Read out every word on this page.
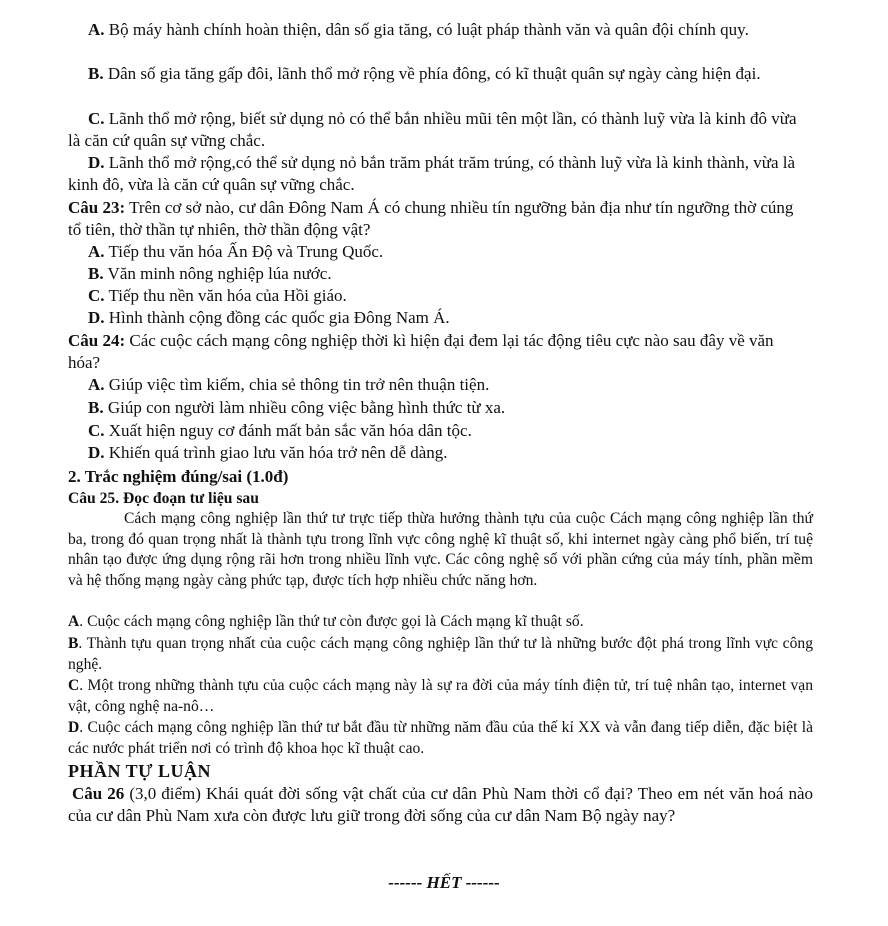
A. Bộ máy hành chính hoàn thiện, dân số gia tăng, có luật pháp thành văn và quân đội chính quy.

B. Dân số gia tăng gấp đôi, lãnh thổ mở rộng về phía đông, có kĩ thuật quân sự ngày càng hiện đại.

C. Lãnh thổ mở rộng, biết sử dụng nỏ có thể bắn nhiều mũi tên một lần, có thành luỹ vừa là kinh đô vừa là căn cứ quân sự vững chắc.

D. Lãnh thổ mở rộng,có thể sử dụng nỏ bắn trăm phát trăm trúng, có thành luỹ vừa là kinh thành, vừa là kinh đô, vừa là căn cứ quân sự vững chắc.

Câu 23: Trên cơ sở nào, cư dân Đông Nam Á có chung nhiều tín ngưỡng bản địa như tín ngưỡng thờ cúng tổ tiên, thờ thần tự nhiên, thờ thần động vật?

A. Tiếp thu văn hóa Ấn Độ và Trung Quốc.

B. Văn minh nông nghiệp lúa nước.

C. Tiếp thu nền văn hóa của Hồi giáo.

D. Hình thành cộng đồng các quốc gia Đông Nam Á.

Câu 24: Các cuộc cách mạng công nghiệp thời kì hiện đại đem lại tác động tiêu cực nào sau đây về văn hóa?

A. Giúp việc tìm kiếm, chia sẻ thông tin trở nên thuận tiện.

B. Giúp con người làm nhiều công việc bằng hình thức từ xa.

C. Xuất hiện nguy cơ đánh mất bản sắc văn hóa dân tộc.

D. Khiến quá trình giao lưu văn hóa trở nên dễ dàng.

2. Trắc nghiệm đúng/sai (1.0đ)

Câu 25. Đọc đoạn tư liệu sau

Cách mạng công nghiệp lần thứ tư trực tiếp thừa hưởng thành tựu của cuộc Cách mạng công nghiệp lần thứ ba, trong đó quan trọng nhất là thành tựu trong lĩnh vực công nghệ kĩ thuật số, khi internet ngày càng phổ biến, trí tuệ nhân tạo được ứng dụng rộng rãi hơn trong nhiều lĩnh vực. Các công nghệ số với phần cứng của máy tính, phần mềm và hệ thống mạng ngày càng phức tạp, được tích hợp nhiều chức năng hơn.

A. Cuộc cách mạng công nghiệp lần thứ tư còn được gọi là Cách mạng kĩ thuật số.

B. Thành tựu quan trọng nhất của cuộc cách mạng công nghiệp lần thứ tư là những bước đột phá trong lĩnh vực công nghệ.

C. Một trong những thành tựu của cuộc cách mạng này là sự ra đời của máy tính điện tử, trí tuệ nhân tạo, internet vạn vật, công nghệ na-nô…

D. Cuộc cách mạng công nghiệp lần thứ tư bắt đầu từ những năm đầu của thế kỉ XX và vẫn đang tiếp diễn, đặc biệt là các nước phát triển nơi có trình độ khoa học kĩ thuật cao.

PHẦN TỰ LUẬN

Câu 26 (3,0 điểm) Khái quát đời sống vật chất của cư dân Phù Nam thời cổ đại? Theo em nét văn hoá nào của cư dân Phù Nam xưa còn được lưu giữ trong đời sống của cư dân Nam Bộ ngày nay?

------ HẾT ------
